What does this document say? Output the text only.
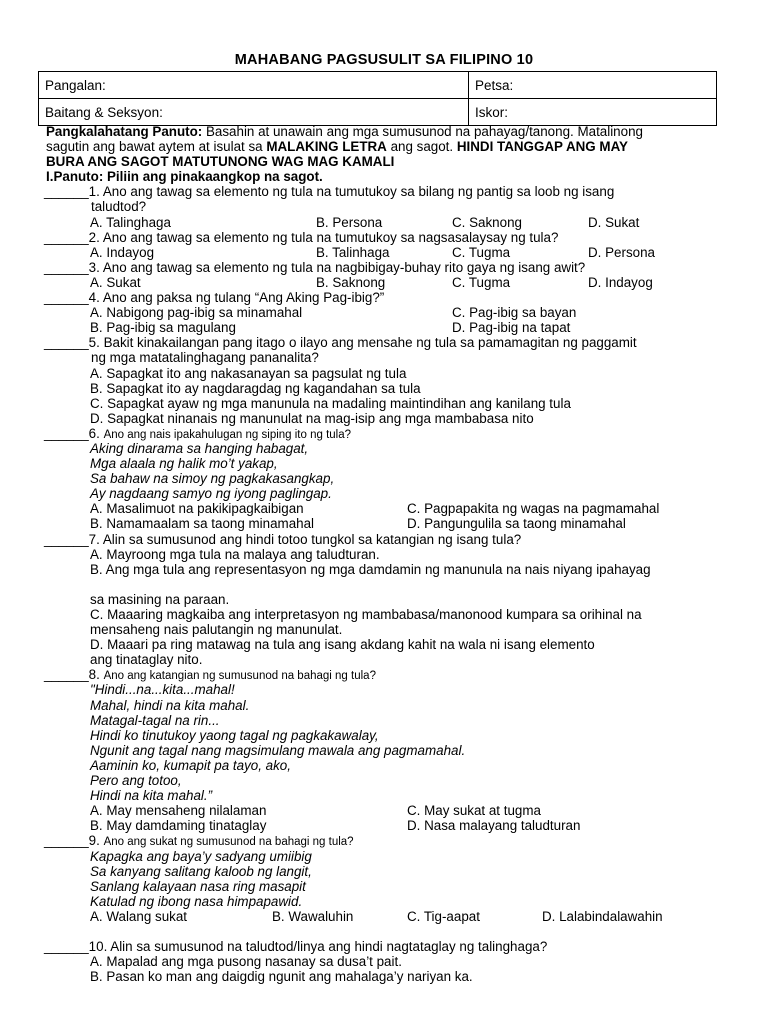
MAHABANG PAGSUSULIT SA FILIPINO 10
Pangalan:	Petsa:
Baitang & Seksyon:	Iskor:
Pangkalahatang Panuto: Basahin at unawain ang mga sumusunod na pahayag/tanong. Matalinong
sagutin ang bawat aytem at isulat sa MALAKING LETRA ang sagot. HINDI TANGGAP ANG MAY
BURA ANG SAGOT MATUTUNONG WAG MAG KAMALI
I.Panuto: Piliin ang pinakaangkop na sagot.
______1. Ano ang tawag sa elemento ng tula na tumutukoy sa bilang ng pantig sa loob ng isang
taludtod?
A. Talinghaga	B. Persona	C. Saknong	D. Sukat
______2. Ano ang tawag sa elemento ng tula na tumutukoy sa nagsasalaysay ng tula?
A. Indayog	B. Talinhaga	C. Tugma	D. Persona
______3. Ano ang tawag sa elemento ng tula na nagbibigay-buhay rito gaya ng isang awit?
A. Sukat	B. Saknong	C. Tugma	D. Indayog
______4. Ano ang paksa ng tulang “Ang Aking Pag-ibig?”
A. Nabigong pag-ibig sa minamahal	C. Pag-ibig sa bayan
B. Pag-ibig sa magulang	D. Pag-ibig na tapat
______5. Bakit kinakailangan pang itago o ilayo ang mensahe ng tula sa pamamagitan ng paggamit
ng mga matatalinghagang pananalita?
A. Sapagkat ito ang nakasanayan sa pagsulat ng tula
B. Sapagkat ito ay nagdaragdag ng kagandahan sa tula
C. Sapagkat ayaw ng mga manunula na madaling maintindihan ang kanilang tula
D. Sapagkat ninanais ng manunulat na mag-isip ang mga mambabasa nito
______6. Ano ang nais ipakahulugan ng siping ito ng tula?
Aking dinarama sa hanging habagat,
Mga alaala ng halik mo’t yakap,
Sa bahaw na simoy ng pagkakasangkap,
Ay nagdaang samyo ng iyong paglingap.
A. Masalimuot na pakikipagkaibigan	C. Pagpapakita ng wagas na pagmamahal
B. Namamaalam sa taong minamahal	D. Pangungulila sa taong minamahal
______7. Alin sa sumusunod ang hindi totoo tungkol sa katangian ng isang tula?
A. Mayroong mga tula na malaya ang taludturan.
B. Ang mga tula ang representasyon ng mga damdamin ng manunula na nais niyang ipahayag
sa masining na paraan.
C. Maaaring magkaiba ang interpretasyon ng mambabasa/manonood kumpara sa orihinal na
mensaheng nais palutangin ng manunulat.
D. Maaari pa ring matawag na tula ang isang akdang kahit na wala ni isang elemento
ang tinataglay nito.
______8. Ano ang katangian ng sumusunod na bahagi ng tula?
"Hindi...na...kita...mahal!
Mahal, hindi na kita mahal.
Matagal-tagal na rin...
Hindi ko tinutukoy yaong tagal ng pagkakawalay,
Ngunit ang tagal nang magsimulang mawala ang pagmamahal.
Aaminin ko, kumapit pa tayo, ako,
Pero ang totoo,
Hindi na kita mahal.”
A. May mensaheng nilalaman	C. May sukat at tugma
B. May damdaming tinataglay	D. Nasa malayang taludturan
______9. Ano ang sukat ng sumusunod na bahagi ng tula?
Kapagka ang baya’y sadyang umiibig
Sa kanyang salitang kaloob ng langit,
Sanlang kalayaan nasa ring masapit
Katulad ng ibong nasa himpapawid.
A. Walang sukat	B. Wawaluhin	C. Tig-aapat	D. Lalabindalawahin
______10. Alin sa sumusunod na taludtod/linya ang hindi nagtataglay ng talinghaga?
A. Mapalad ang mga pusong nasanay sa dusa’t pait.
B. Pasan ko man ang daigdig ngunit ang mahalaga’y nariyan ka.
